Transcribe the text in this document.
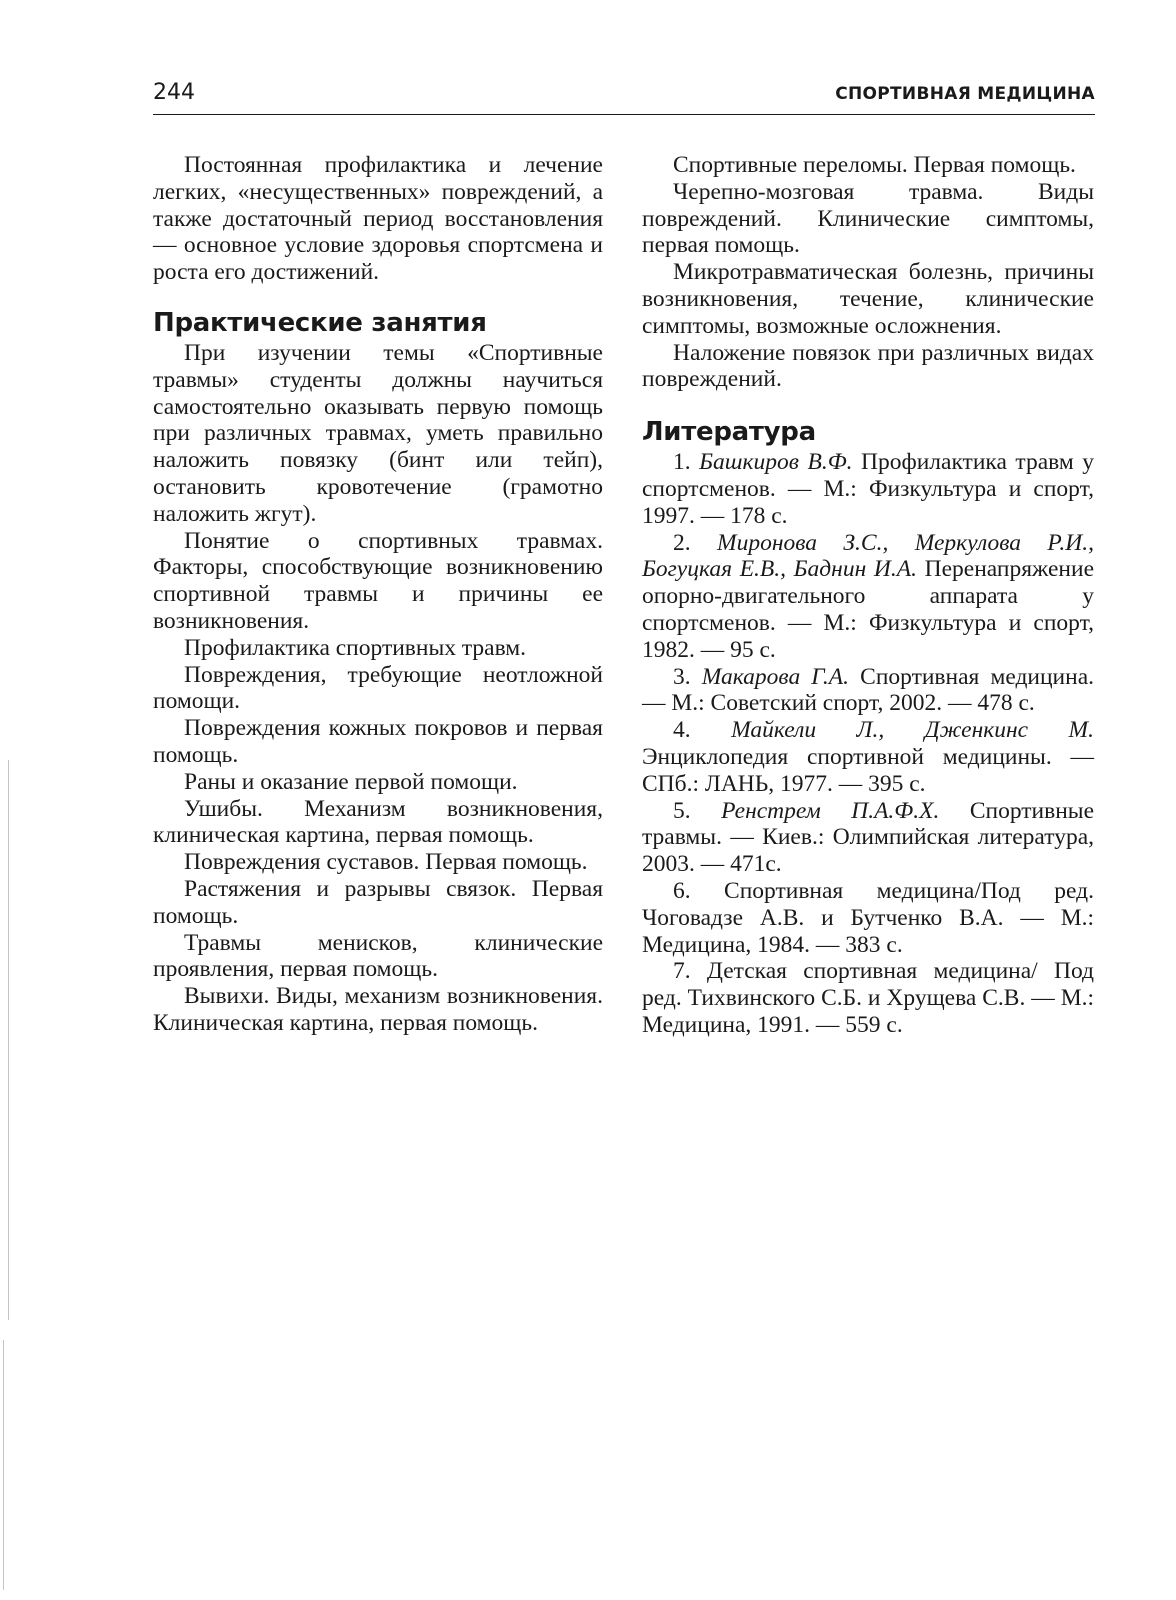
244	СПОРТИВНАЯ МЕДИЦИНА

Постоянная профилактика и лечение легких, «несущественных» повреждений, а также достаточный период восстановления — основное условие здоровья спортсмена и роста его достижений.

Практические занятия

При изучении темы «Спортивные травмы» студенты должны научиться самостоятельно оказывать первую помощь при различных травмах, уметь правильно наложить повязку (бинт или тейп), остановить кровотечение (грамотно наложить жгут).

Понятие о спортивных травмах. Факторы, способствующие возникновению спортивной травмы и причины ее возникновения.

Профилактика спортивных травм.

Повреждения, требующие неотложной помощи.

Повреждения кожных покровов и первая помощь.

Раны и оказание первой помощи.

Ушибы. Механизм возникновения, клиническая картина, первая помощь.

Повреждения суставов. Первая помощь.

Растяжения и разрывы связок. Первая помощь.

Травмы менисков, клинические проявления, первая помощь.

Вывихи. Виды, механизм возникновения. Клиническая картина, первая помощь.

Спортивные переломы. Первая помощь.

Черепно-мозговая травма. Виды повреждений. Клинические симптомы, первая помощь.

Микротравматическая болезнь, причины возникновения, течение, клинические симптомы, возможные осложнения.

Наложение повязок при различных видах повреждений.

Литература

1. Башкиров В.Ф. Профилактика травм у спортсменов. — М.: Физкультура и спорт, 1997. — 178 с.

2. Миронова З.С., Меркулова Р.И., Богуцкая Е.В., Баднин И.А. Перенапряжение опорно-двигательного аппарата у спортсменов. — М.: Физкультура и спорт, 1982. — 95 с.

3. Макарова Г.А. Спортивная медицина. — М.: Советский спорт, 2002. — 478 с.

4. Майкели Л., Дженкинс М. Энциклопедия спортивной медицины. — СПб.: ЛАНЬ, 1977. — 395 с.

5. Ренстрем П.А.Ф.Х. Спортивные травмы. — Киев.: Олимпийская литература, 2003. — 471с.

6. Спортивная медицина/Под ред. Чоговадзе А.В. и Бутченко В.А. — М.: Медицина, 1984. — 383 с.

7. Детская спортивная медицина/ Под ред. Тихвинского С.Б. и Хрущева С.В. — М.: Медицина, 1991. — 559 с.
